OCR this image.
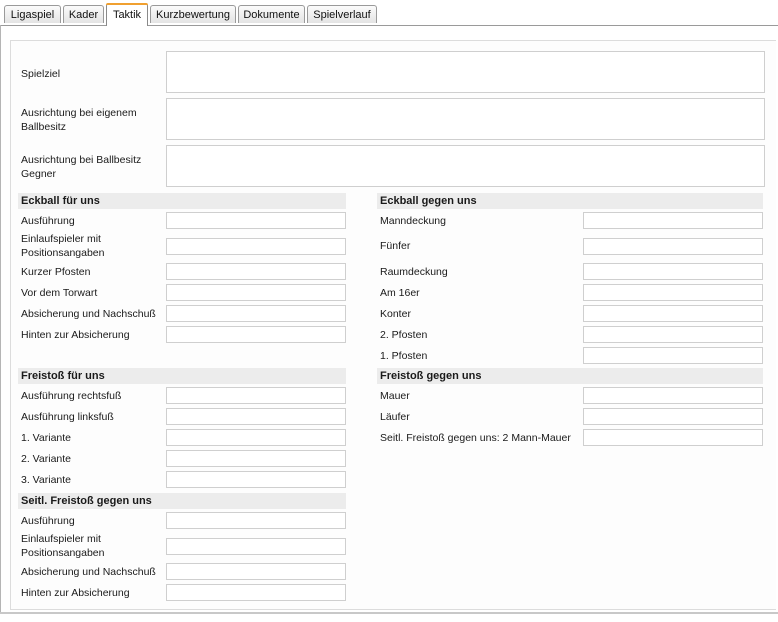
Ligaspiel	Kader	Taktik	Kurzbewertung	Dokumente	Spielverlauf
Spielziel
Ausrichtung bei eigenem Ballbesitz
Ausrichtung bei Ballbesitz Gegner
Eckball für uns
Ausführung
Einlaufspieler mit Positionsangaben
Kurzer Pfosten
Vor dem Torwart
Absicherung und Nachschuß
Hinten zur Absicherung
Eckball gegen uns
Manndeckung
Fünfer
Raumdeckung
Am 16er
Konter
2. Pfosten
1. Pfosten
Freistoß für uns
Ausführung rechtsfuß
Ausführung linksfuß
1. Variante
2. Variante
3. Variante
Freistoß gegen uns
Mauer
Läufer
Seitl. Freistoß gegen uns: 2 Mann-Mauer
Seitl. Freistoß gegen uns
Ausführung
Einlaufspieler mit Positionsangaben
Absicherung und Nachschuß
Hinten zur Absicherung
